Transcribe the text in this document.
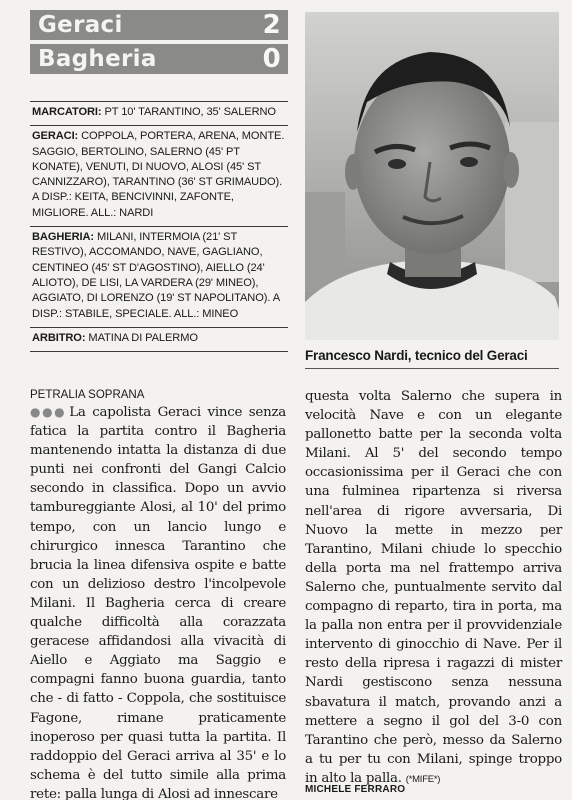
Geraci	2
Bagheria	0
MARCATORI: PT 10' TARANTINO, 35' SALERNO
GERACI: COPPOLA, PORTERA, ARENA, MONTE. SAGGIO, BERTOLINO, SALERNO (45' PT KONATE), VENUTI, DI NUOVO, ALOSI (45' ST CANNIZZARO), TARANTINO (36' ST GRIMAUDO). A DISP.: KEITA, BENCIVINNI, ZAFONTE, MIGLIORE. ALL.: NARDI
BAGHERIA: MILANI, INTERMOIA (21' ST RESTIVO), ACCOMANDO, NAVE, GAGLIANO, CENTINEO (45' ST D'AGOSTINO), AIELLO (24' ALIOTO), DE LISI, LA VARDERA (29' MINEO), AGGIATO, DI LORENZO (19' ST NAPOLITANO). A DISP.: STABILE, SPECIALE. ALL.: MINEO
ARBITRO: MATINA DI PALERMO
Francesco Nardi, tecnico del Geraci
PETRALIA SOPRANA
●●● La capolista Geraci vince senza fatica la partita contro il Bagheria mantenendo intatta la distanza di due punti nei confronti del Gangi Calcio secondo in classifica. Dopo un avvio tambureggiante Alosi, al 10' del primo tempo, con un lancio lungo e chirurgico innesca Tarantino che brucia la linea difensiva ospite e batte con un delizioso destro l'incolpevole Milani. Il Bagheria cerca di creare qualche difficoltà alla corazzata geracese affidandosi alla vivacità di Aiello e Aggiato ma Saggio e compagni fanno buona guardia, tanto che - di fatto - Coppola, che sostituisce Fagone, rimane praticamente inoperoso per quasi tutta la partita. Il raddoppio del Geraci arriva al 35' e lo schema è del tutto simile alla prima rete: palla lunga di Alosi ad innescare
questa volta Salerno che supera in velocità Nave e con un elegante pallonetto batte per la seconda volta Milani. Al 5' del secondo tempo occasionissima per il Geraci che con una fulminea ripartenza si riversa nell'area di rigore avversaria, Di Nuovo la mette in mezzo per Tarantino, Milani chiude lo specchio della porta ma nel frattempo arriva Salerno che, puntualmente servito dal compagno di reparto, tira in porta, ma la palla non entra per il provvidenziale intervento di ginocchio di Nave. Per il resto della ripresa i ragazzi di mister Nardi gestiscono senza nessuna sbavatura il match, provando anzi a mettere a segno il gol del 3-0 con Tarantino che però, messo da Salerno a tu per tu con Milani, spinge troppo in alto la palla. (*MIFE*)
MICHELE FERRARO
